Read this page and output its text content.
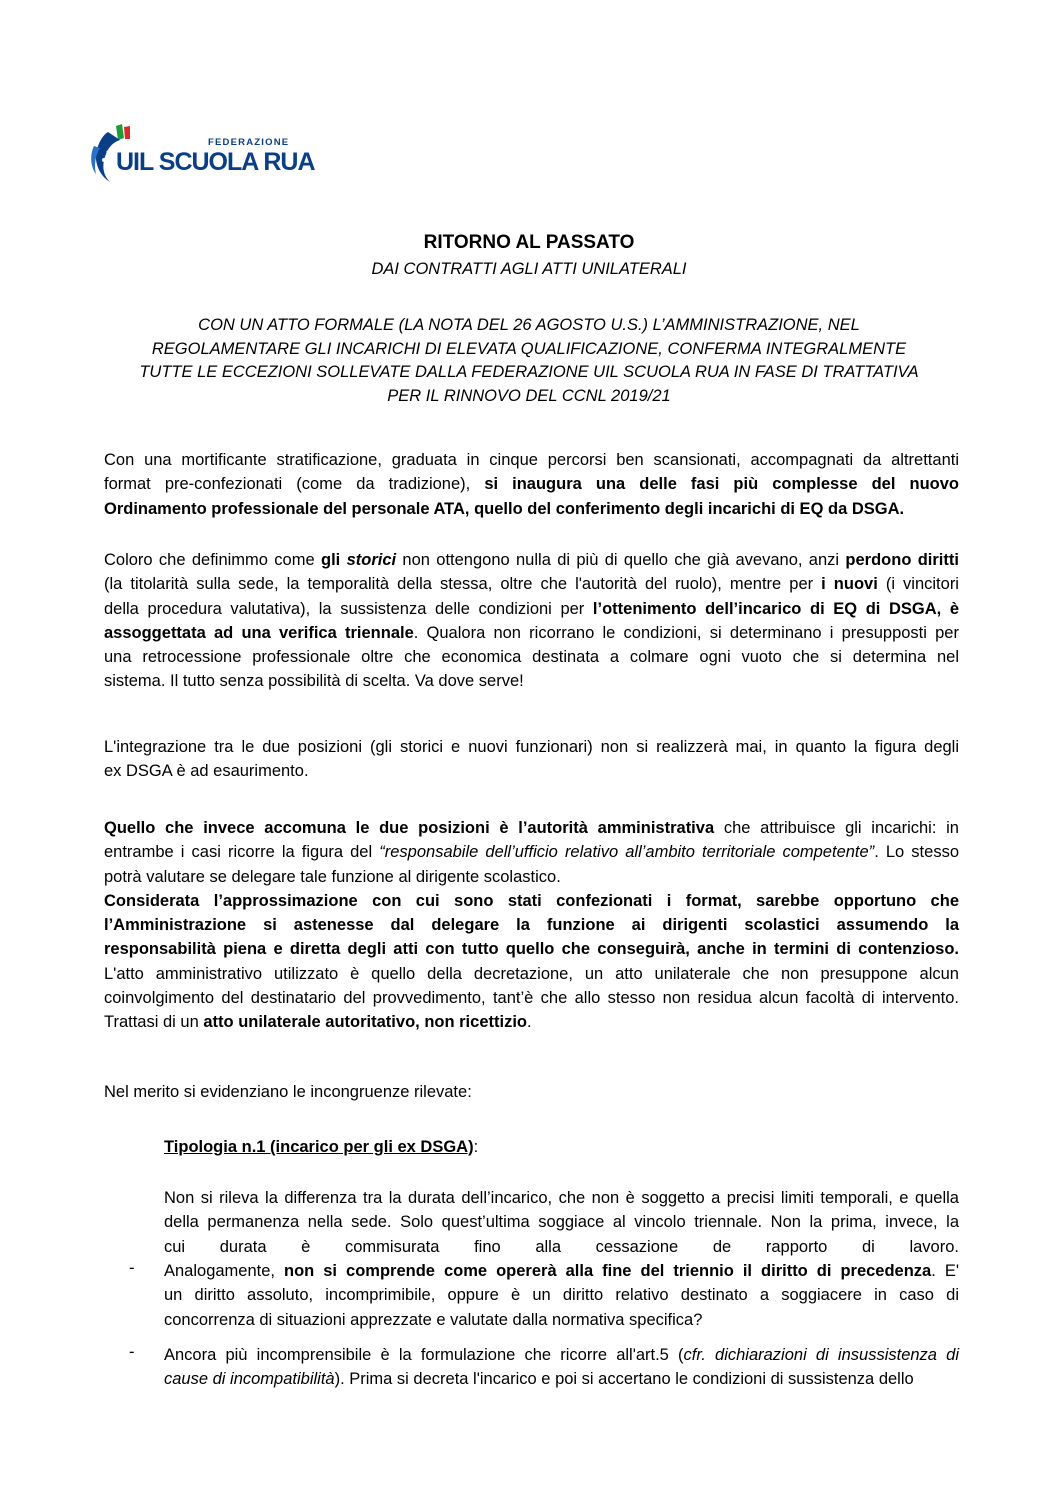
FEDERAZIONE
UIL SCUOLA RUA
RITORNO AL PASSATO
DAI CONTRATTI AGLI ATTI UNILATERALI
CON UN ATTO FORMALE (LA NOTA DEL 26 AGOSTO U.S.) L’AMMINISTRAZIONE, NEL
REGOLAMENTARE GLI INCARICHI DI ELEVATA QUALIFICAZIONE, CONFERMA INTEGRALMENTE
TUTTE LE ECCEZIONI SOLLEVATE DALLA FEDERAZIONE UIL SCUOLA RUA IN FASE DI TRATTATIVA
PER IL RINNOVO DEL CCNL 2019/21
Con una mortificante stratificazione, graduata in cinque percorsi ben scansionati, accompagnati da altrettanti
format pre-confezionati (come da tradizione), si inaugura una delle fasi più complesse del nuovo
Ordinamento professionale del personale ATA, quello del conferimento degli incarichi di EQ da DSGA.
Coloro che definimmo come gli storici non ottengono nulla di più di quello che già avevano, anzi perdono diritti
(la titolarità sulla sede, la temporalità della stessa, oltre che l'autorità del ruolo), mentre per i nuovi (i vincitori
della procedura valutativa), la sussistenza delle condizioni per l’ottenimento dell’incarico di EQ di DSGA, è
assoggettata ad una verifica triennale. Qualora non ricorrano le condizioni, si determinano i presupposti per
una retrocessione professionale oltre che economica destinata a colmare ogni vuoto che si determina nel
sistema. Il tutto senza possibilità di scelta. Va dove serve!
L'integrazione tra le due posizioni (gli storici e nuovi funzionari) non si realizzerà mai, in quanto la figura degli
ex DSGA è ad esaurimento.
Quello che invece accomuna le due posizioni è l’autorità amministrativa che attribuisce gli incarichi: in
entrambe i casi ricorre la figura del “responsabile dell’ufficio relativo all’ambito territoriale competente”. Lo stesso
potrà valutare se delegare tale funzione al dirigente scolastico.
Considerata l’approssimazione con cui sono stati confezionati i format, sarebbe opportuno che
l’Amministrazione si astenesse dal delegare la funzione ai dirigenti scolastici assumendo la
responsabilità piena e diretta degli atti con tutto quello che conseguirà, anche in termini di contenzioso.
L'atto amministrativo utilizzato è quello della decretazione, un atto unilaterale che non presuppone alcun
coinvolgimento del destinatario del provvedimento, tant’è che allo stesso non residua alcun facoltà di intervento.
Trattasi di un atto unilaterale autoritativo, non ricettizio.
Nel merito si evidenziano le incongruenze rilevate:
Tipologia n.1 (incarico per gli ex DSGA):
Non si rileva la differenza tra la durata dell’incarico, che non è soggetto a precisi limiti temporali, e quella
della permanenza nella sede. Solo quest’ultima soggiace al vincolo triennale. Non la prima, invece, la
cui durata è commisurata fino alla cessazione de rapporto di lavoro.
- Analogamente, non si comprende come opererà alla fine del triennio il diritto di precedenza. E'
un diritto assoluto, incomprimibile, oppure è un diritto relativo destinato a soggiacere in caso di
concorrenza di situazioni apprezzate e valutate dalla normativa specifica?
- Ancora più incomprensibile è la formulazione che ricorre all'art.5 (cfr. dichiarazioni di insussistenza di
cause di incompatibilità). Prima si decreta l'incarico e poi si accertano le condizioni di sussistenza dello
